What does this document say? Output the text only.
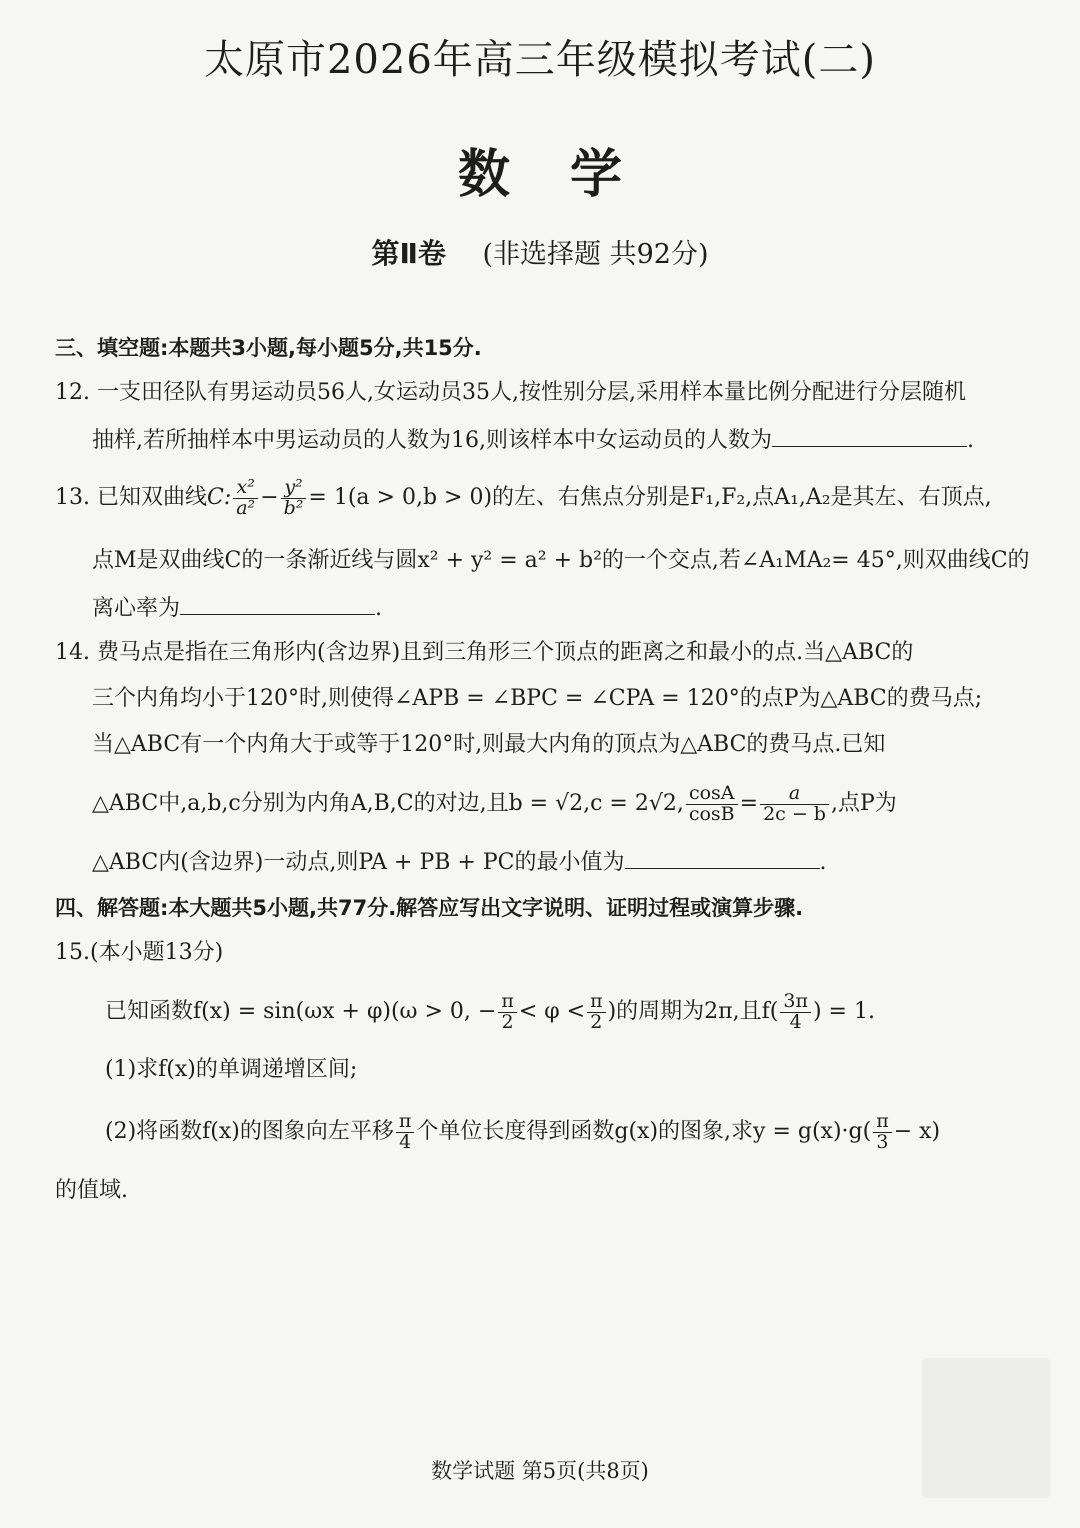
太原市2026年高三年级模拟考试(二)
数学
第Ⅱ卷 (非选择题 共92分)
三、填空题:本题共3小题,每小题5分,共15分.
12. 一支田径队有男运动员56人,女运动员35人,按性别分层,采用样本量比例分配进行分层随机
抽样,若所抽样本中男运动员的人数为16,则该样本中女运动员的人数为	.
13. 已知双曲线C: $\frac{\text{x²}}{\text{a²}} - \frac{\text{y²}}{\text{b²}} = 1(a > 0,b > 0)$的左、右焦点分别是F₁,F₂,点A₁,A₂是其左、右顶点,
点M是双曲线C的一条渐近线与圆x² + y² = a² + b²的一个交点,若∠A₁MA₂= 45°,则双曲线C的
离心率为	.
14. 费马点是指在三角形内(含边界)且到三角形三个顶点的距离之和最小的点.当△ABC的
三个内角均小于120°时,则使得∠APB = ∠BPC = ∠CPA = 120°的点P为△ABC的费马点;
当△ABC有一个内角大于或等于120°时,则最大内角的顶点为△ABC的费马点.已知
△ABC中,a,b,c分别为内角A,B,C的对边,且b = √2,c = 2√2, $\frac{\cos A}{\cos B} = \frac{a}{2c - b}$ ,点P为
△ABC内(含边界)一动点,则PA + PB + PC的最小值为	.
四、解答题:本大题共5小题,共77分.解答应写出文字说明、证明过程或演算步骤.
15.(本小题13分)
已知函数f(x) = sin(ωx + φ)(ω > 0, − $\frac{\pi}{2} < \varphi < \frac{\pi}{2}$ )的周期为2π,且$f( \frac{3\pi}{4}$ ) = 1.
(1)求f(x)的单调递增区间;
(2)将函数f(x)的图象向左平移 $\frac{\pi}{4}$ 个单位长度得到函数g(x)的图象,求$y = g(x)\cdot g( \frac{\pi}{3} - x)$
的值域.
数学试题 第5页(共8页)
